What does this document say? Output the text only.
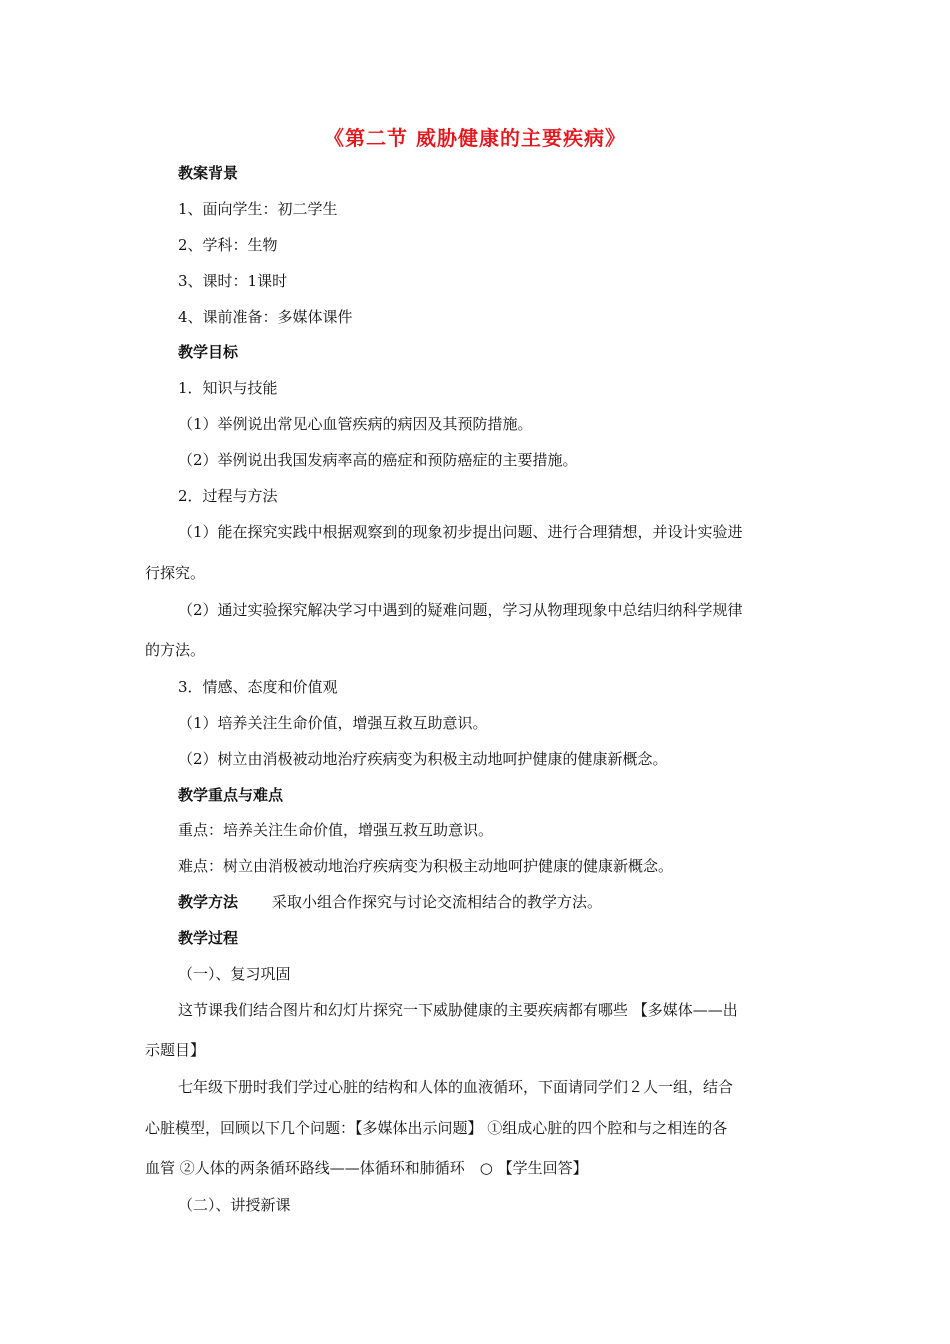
《第二节 威胁健康的主要疾病》
教案背景
1、面向学生：初二学生
2、学科：生物
3、课时：1课时
4、课前准备：多媒体课件
教学目标
1．知识与技能
（1）举例说出常见心血管疾病的病因及其预防措施。
（2）举例说出我国发病率高的癌症和预防癌症的主要措施。
2．过程与方法
（1）能在探究实践中根据观察到的现象初步提出问题、进行合理猜想，并设计实验进
行探究。
（2）通过实验探究解决学习中遇到的疑难问题，学习从物理现象中总结归纳科学规律
的方法。
3．情感、态度和价值观
（1）培养关注生命价值，增强互救互助意识。
（2）树立由消极被动地治疗疾病变为积极主动地呵护健康的健康新概念。
教学重点与难点
重点：培养关注生命价值，增强互救互助意识。
难点：树立由消极被动地治疗疾病变为积极主动地呵护健康的健康新概念。
教学方法 采取小组合作探究与讨论交流相结合的教学方法。
教学过程
（一）、复习巩固
这节课我们结合图片和幻灯片探究一下威胁健康的主要疾病都有哪些 【多媒体——出
示题目】
七年级下册时我们学过心脏的结构和人体的血液循环，下面请同学们２人一组，结合
心脏模型，回顾以下几个问题：【多媒体出示问题】 ①组成心脏的四个腔和与之相连的各
血管 ②人体的两条循环路线——体循环和肺循环　○ 【学生回答】
（二）、讲授新课
